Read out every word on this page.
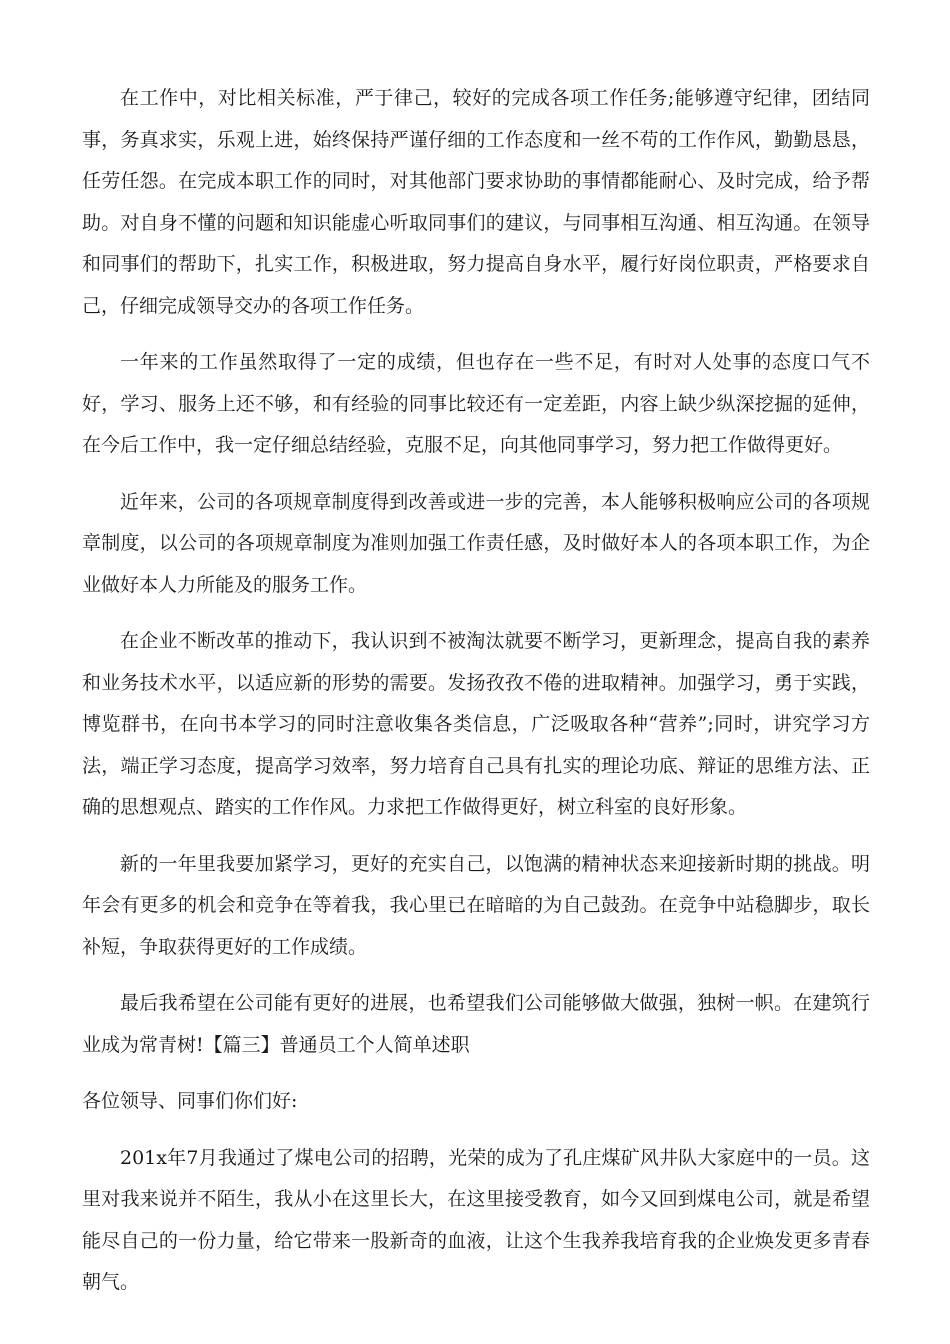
在工作中，对比相关标准，严于律己，较好的完成各项工作任务;能够遵守纪律，团结同事，务真求实，乐观上进，始终保持严谨仔细的工作态度和一丝不苟的工作作风，勤勤恳恳，任劳任怨。在完成本职工作的同时，对其他部门要求协助的事情都能耐心、及时完成，给予帮助。对自身不懂的问题和知识能虚心听取同事们的建议，与同事相互沟通、相互沟通。在领导和同事们的帮助下，扎实工作，积极进取，努力提高自身水平，履行好岗位职责，严格要求自己，仔细完成领导交办的各项工作任务。

一年来的工作虽然取得了一定的成绩，但也存在一些不足，有时对人处事的态度口气不好，学习、服务上还不够，和有经验的同事比较还有一定差距，内容上缺少纵深挖掘的延伸，在今后工作中，我一定仔细总结经验，克服不足，向其他同事学习，努力把工作做得更好。

近年来，公司的各项规章制度得到改善或进一步的完善，本人能够积极响应公司的各项规章制度，以公司的各项规章制度为准则加强工作责任感，及时做好本人的各项本职工作，为企业做好本人力所能及的服务工作。

在企业不断改革的推动下，我认识到不被淘汰就要不断学习，更新理念，提高自我的素养和业务技术水平，以适应新的形势的需要。发扬孜孜不倦的进取精神。加强学习，勇于实践，博览群书，在向书本学习的同时注意收集各类信息，广泛吸取各种“营养”;同时，讲究学习方法，端正学习态度，提高学习效率，努力培育自己具有扎实的理论功底、辩证的思维方法、正确的思想观点、踏实的工作作风。力求把工作做得更好，树立科室的良好形象。

新的一年里我要加紧学习，更好的充实自己，以饱满的精神状态来迎接新时期的挑战。明年会有更多的机会和竞争在等着我，我心里已在暗暗的为自己鼓劲。在竞争中站稳脚步，取长补短，争取获得更好的工作成绩。

最后我希望在公司能有更好的进展，也希望我们公司能够做大做强，独树一帜。在建筑行业成为常青树!【篇三】普通员工个人简单述职

各位领导、同事们你们好:

201x年7月我通过了煤电公司的招聘，光荣的成为了孔庄煤矿风井队大家庭中的一员。这里对我来说并不陌生，我从小在这里长大，在这里接受教育，如今又回到煤电公司，就是希望能尽自己的一份力量，给它带来一股新奇的血液，让这个生我养我培育我的企业焕发更多青春朝气。
